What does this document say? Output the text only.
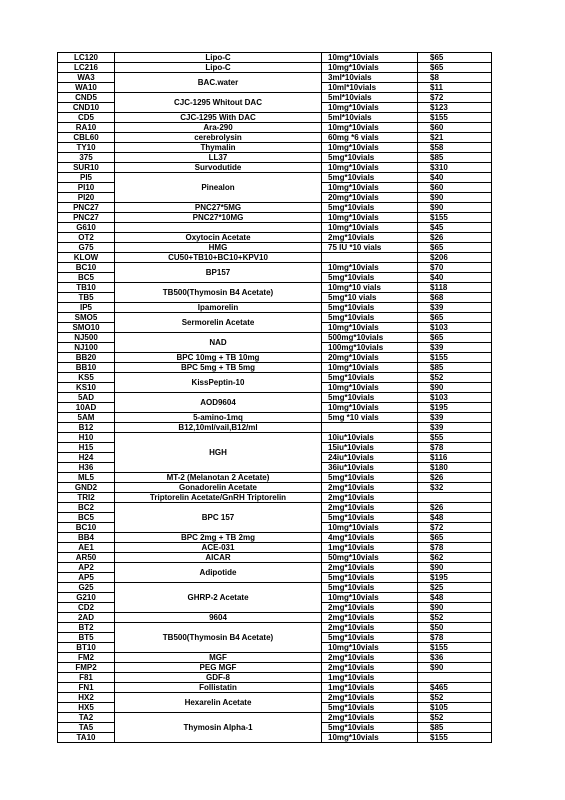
LC120	Lipo-C	10mg*10vials	$65
LC216	Lipo-C	10mg*10vials	$65
WA3	BAC.water	3ml*10vials	$8
WA10		10ml*10vials	$11
CND5	CJC-1295 Whitout DAC	5ml*10vials	$72
CND10		10mg*10vials	$123
CD5	CJC-1295 With DAC	5ml*10vials	$155
RA10	Ara-290	10mg*10vials	$60
CBL60	cerebrolysin	60mg *6 vials	$21
TY10	Thymalin	10mg*10vials	$58
375	LL37	5mg*10vials	$85
SUR10	Survodutide	10mg*10vials	$310
PI5	Pinealon	5mg*10vials	$40
PI10		10mg*10vials	$60
PI20		20mg*10vials	$90
PNC27	PNC27*5MG	5mg*10vials	$90
PNC27	PNC27*10MG	10mg*10vials	$155
G610		10mg*10vials	$45
OT2	Oxytocin Acetate	2mg*10vials	$26
G75	HMG	75 IU *10 vials	$65
KLOW	CU50+TB10+BC10+KPV10		$206
BC10	BP157	10mg*10vials	$70
BC5		5mg*10vials	$40
TB10	TB500(Thymosin B4 Acetate)	10mg*10 vials	$118
TB5		5mg*10 vials	$68
IP5	Ipamorelin	5mg*10vials	$39
SMO5	Sermorelin Acetate	5mg*10vials	$65
SMO10		10mg*10vials	$103
NJ500	NAD	500mg*10vials	$65
NJ100		100mg*10vials	$39
BB20	BPC 10mg + TB 10mg	20mg*10vials	$155
BB10	BPC 5mg + TB 5mg	10mg*10vials	$85
KS5	KissPeptin-10	5mg*10vials	$52
KS10		10mg*10vials	$90
5AD	AOD9604	5mg*10vials	$103
10AD		10mg*10vials	$195
5AM	5-amino-1mq	5mg *10 vials	$39
B12	B12,10ml/vail,B12/ml		$39
H10	HGH	10iu*10vials	$55
H15		15iu*10vials	$78
H24		24iu*10vials	$116
H36		36iu*10vials	$180
ML5	MT-2 (Melanotan 2 Acetate)	5mg*10vials	$26
GND2	Gonadorelin Acetate	2mg*10vials	$32
TRI2	Triptorelin Acetate/GnRH Triptorelin	2mg*10vials	
BC2	BPC 157	2mg*10vials	$26
BC5		5mg*10vials	$48
BC10		10mg*10vials	$72
BB4	BPC 2mg + TB 2mg	4mg*10vials	$65
AE1	ACE-031	1mg*10vials	$78
AR50	AICAR	50mg*10vials	$62
AP2	Adipotide	2mg*10vials	$90
AP5		5mg*10vials	$195
G25	GHRP-2 Acetate	5mg*10vials	$25
G210		10mg*10vials	$48
CD2		2mg*10vials	$90
2AD	9604	2mg*10vials	$52
BT2	TB500(Thymosin B4 Acetate)	2mg*10vials	$50
BT5		5mg*10vials	$78
BT10		10mg*10vials	$155
FM2	MGF	2mg*10vials	$36
FMP2	PEG MGF	2mg*10vials	$90
F81	GDF-8	1mg*10vials	
FN1	Follistatin	1mg*10vials	$465
HX2	Hexarelin Acetate	2mg*10vials	$52
HX5		5mg*10vials	$105
TA2	Thymosin Alpha-1	2mg*10vials	$52
TA5		5mg*10vials	$85
TA10		10mg*10vials	$155
